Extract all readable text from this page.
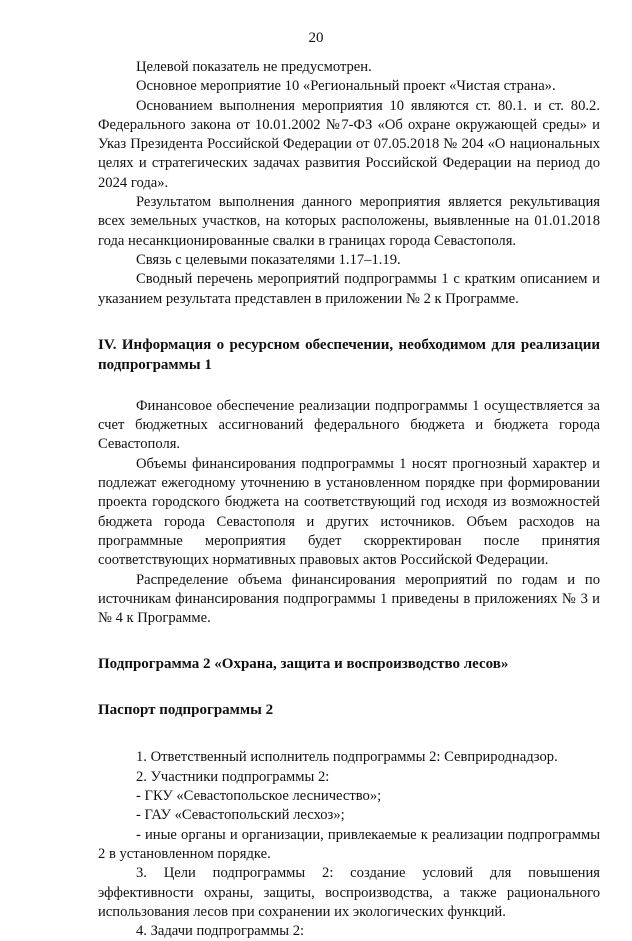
20

Целевой показатель не предусмотрен.

Основное мероприятие 10 «Региональный проект «Чистая страна».

Основанием выполнения мероприятия 10 являются ст. 80.1. и ст. 80.2. Федерального закона от 10.01.2002 №7-ФЗ «Об охране окружающей среды» и Указ Президента Российской Федерации от 07.05.2018 № 204 «О национальных целях и стратегических задачах развития Российской Федерации на период до 2024 года».

Результатом выполнения данного мероприятия является рекультивация всех земельных участков, на которых расположены, выявленные на 01.01.2018 года несанкционированные свалки в границах города Севастополя.

Связь с целевыми показателями 1.17–1.19.

Сводный перечень мероприятий подпрограммы 1 с кратким описанием и указанием результата представлен в приложении № 2 к Программе.

IV. Информация о ресурсном обеспечении, необходимом для реализации подпрограммы 1

Финансовое обеспечение реализации подпрограммы 1 осуществляется за счет бюджетных ассигнований федерального бюджета и бюджета города Севастополя.

Объемы финансирования подпрограммы 1 носят прогнозный характер и подлежат ежегодному уточнению в установленном порядке при формировании проекта городского бюджета на соответствующий год исходя из возможностей бюджета города Севастополя и других источников. Объем расходов на программные мероприятия будет скорректирован после принятия соответствующих нормативных правовых актов Российской Федерации.

Распределение объема финансирования мероприятий по годам и по источникам финансирования подпрограммы 1 приведены в приложениях № 3 и № 4 к Программе.

Подпрограмма 2 «Охрана, защита и воспроизводство лесов»

Паспорт подпрограммы 2

1. Ответственный исполнитель подпрограммы 2: Севприроднадзор.

2. Участники подпрограммы 2:

- ГКУ «Севастопольское лесничество»;

- ГАУ «Севастопольский лесхоз»;

- иные органы и организации, привлекаемые к реализации подпрограммы 2 в установленном порядке.

3. Цели подпрограммы 2: создание условий для повышения эффективности охраны, защиты, воспроизводства, а также рационального использования лесов при сохранении их экологических функций.

4. Задачи подпрограммы 2:
